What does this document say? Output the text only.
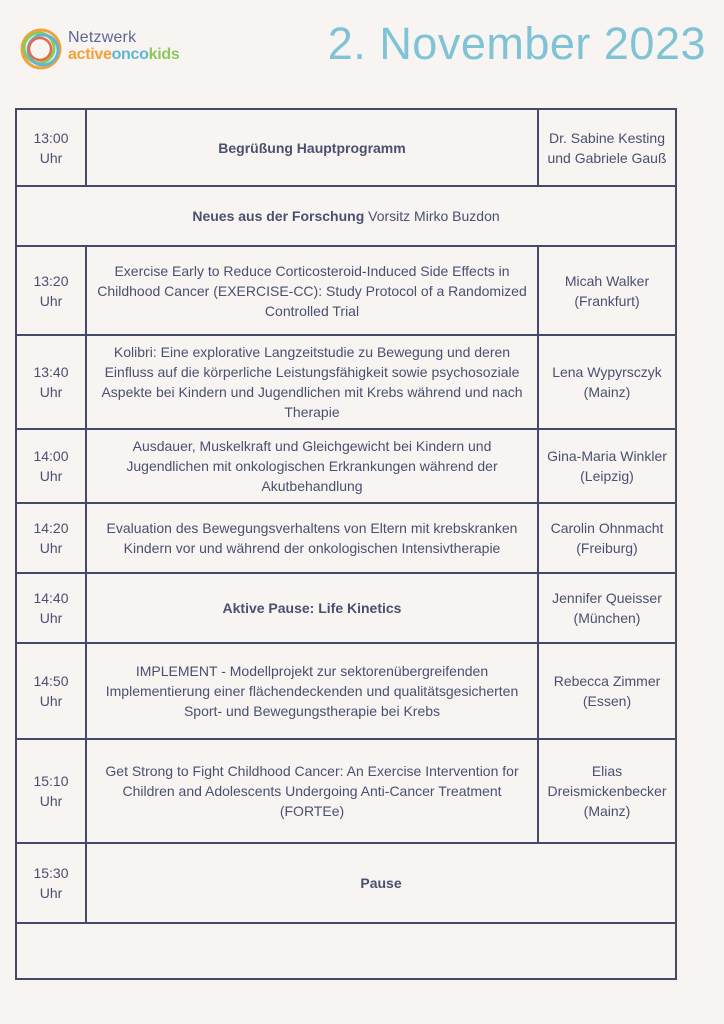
Netzwerk
activeoncokids	2. November 2023
13:00 Uhr	Begrüßung Hauptprogramm	Dr. Sabine Kesting und Gabriele Gauß
Neues aus der Forschung Vorsitz Mirko Buzdon		
13:20 Uhr	Exercise Early to Reduce Corticosteroid-Induced Side Effects in Childhood Cancer (EXERCISE-CC): Study Protocol of a Randomized Controlled Trial	Micah Walker (Frankfurt)
13:40 Uhr	Kolibri: Eine explorative Langzeitstudie zu Bewegung und deren Einfluss auf die körperliche Leistungsfähigkeit sowie psychosoziale Aspekte bei Kindern und Jugendlichen mit Krebs während und nach Therapie	Lena Wypyrsczyk (Mainz)
14:00 Uhr	Ausdauer, Muskelkraft und Gleichgewicht bei Kindern und Jugendlichen mit onkologischen Erkrankungen während der Akutbehandlung	Gina-Maria Winkler (Leipzig)
14:20 Uhr	Evaluation des Bewegungsverhaltens von Eltern mit krebskranken Kindern vor und während der onkologischen Intensivtherapie	Carolin Ohnmacht (Freiburg)
14:40 Uhr	Aktive Pause: Life Kinetics	Jennifer Queisser (München)
14:50 Uhr	IMPLEMENT - Modellprojekt zur sektorenübergreifenden Implementierung einer flächendeckenden und qualitätsgesicherten Sport- und Bewegungstherapie bei Krebs	Rebecca Zimmer (Essen)
15:10 Uhr	Get Strong to Fight Childhood Cancer: An Exercise Intervention for Children and Adolescents Undergoing Anti-Cancer Treatment (FORTEe)	Elias Dreismickenbecker (Mainz)
15:30 Uhr	Pause	
